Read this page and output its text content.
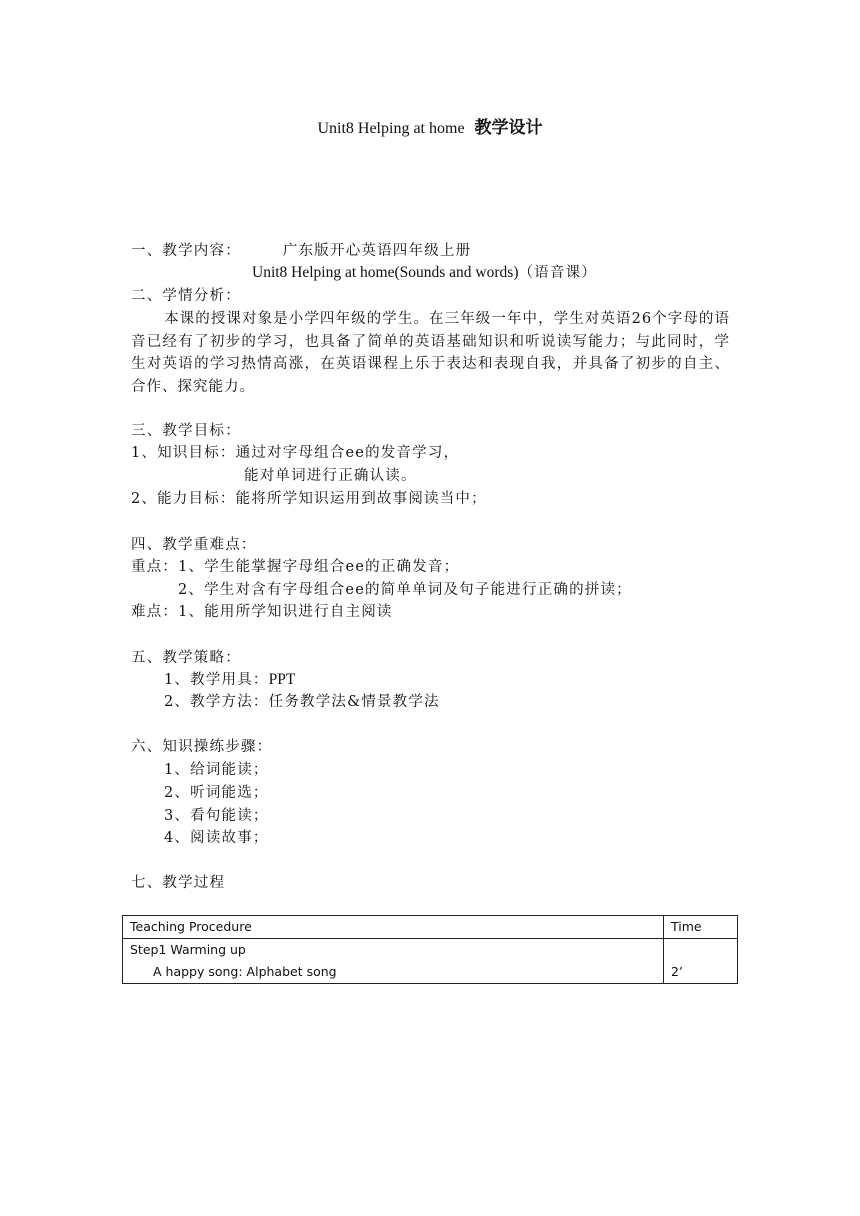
Unit8 Helping at home 教学设计
一、教学内容：	广东版开心英语四年级上册
Unit8 Helping at home(Sounds and words)（语音课）
二、学情分析：
本课的授课对象是小学四年级的学生。在三年级一年中，学生对英语26个字母的语音已经有了初步的学习，也具备了简单的英语基础知识和听说读写能力；与此同时，学生对英语的学习热情高涨，在英语课程上乐于表达和表现自我，并具备了初步的自主、合作、探究能力。
三、教学目标：
1、知识目标：通过对字母组合ee的发音学习，
能对单词进行正确认读。
2、能力目标：能将所学知识运用到故事阅读当中；
四、教学重难点：
重点：1、学生能掌握字母组合ee的正确发音；
2、学生对含有字母组合ee的简单单词及句子能进行正确的拼读；
难点：1、能用所学知识进行自主阅读
五、教学策略：
1、教学用具：PPT
2、教学方法：任务教学法&情景教学法
六、知识操练步骤：
1、给词能读；
2、听词能选；
3、看句能读；
4、阅读故事；
七、教学过程
Teaching Procedure	Time

Step1 Warming up
A happy song: Alphabet song	2’
